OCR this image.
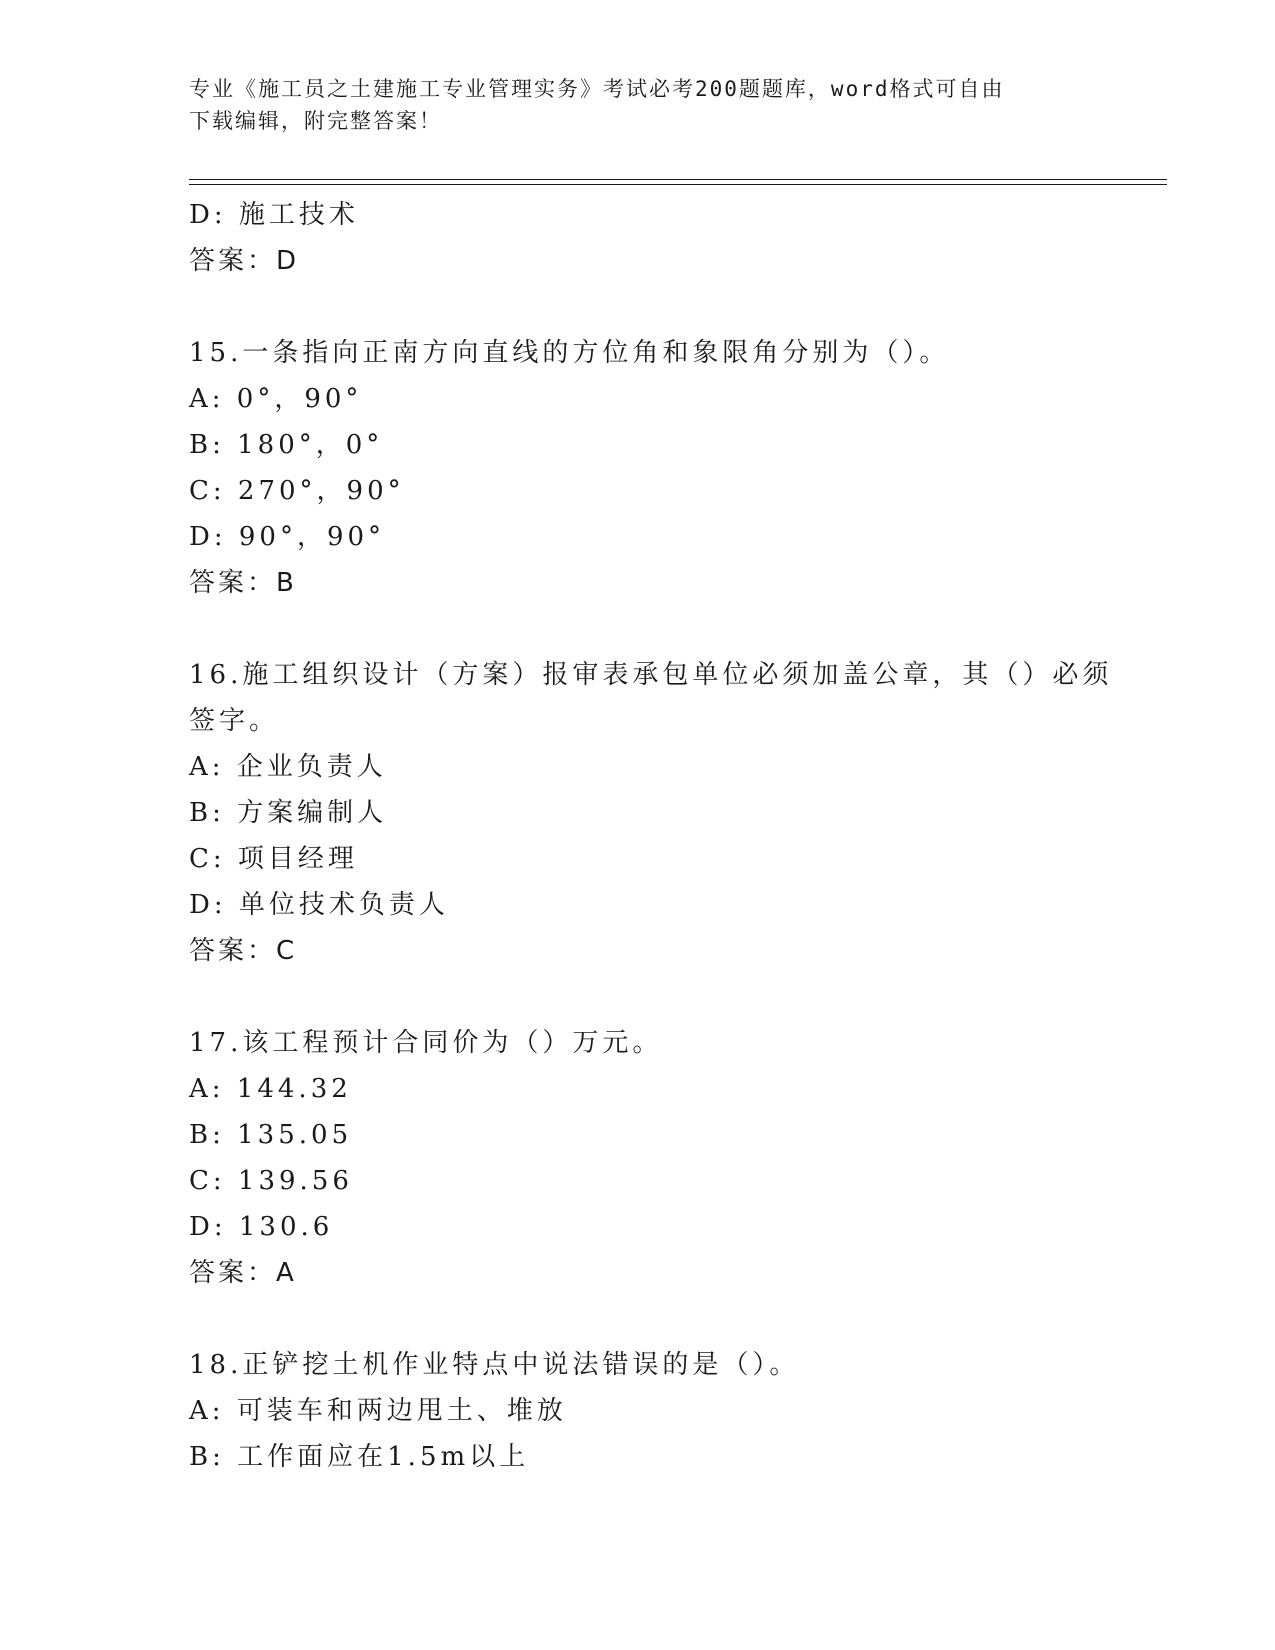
专业《施工员之土建施工专业管理实务》考试必考200题题库，word格式可自由
下载编辑，附完整答案！
D: 施工技术
答案：D
15.一条指向正南方向直线的方位角和象限角分别为（）。
A: 0°，90°
B: 180°，0°
C: 270°，90°
D: 90°，90°
答案：B
16.施工组织设计（方案）报审表承包单位必须加盖公章，其（）必须
签字。
A: 企业负责人
B: 方案编制人
C: 项目经理
D: 单位技术负责人
答案：C
17.该工程预计合同价为（）万元。
A: 144.32
B: 135.05
C: 139.56
D: 130.6
答案：A
18.正铲挖土机作业特点中说法错误的是（）。
A: 可装车和两边甩土、堆放
B: 工作面应在1.5m以上
